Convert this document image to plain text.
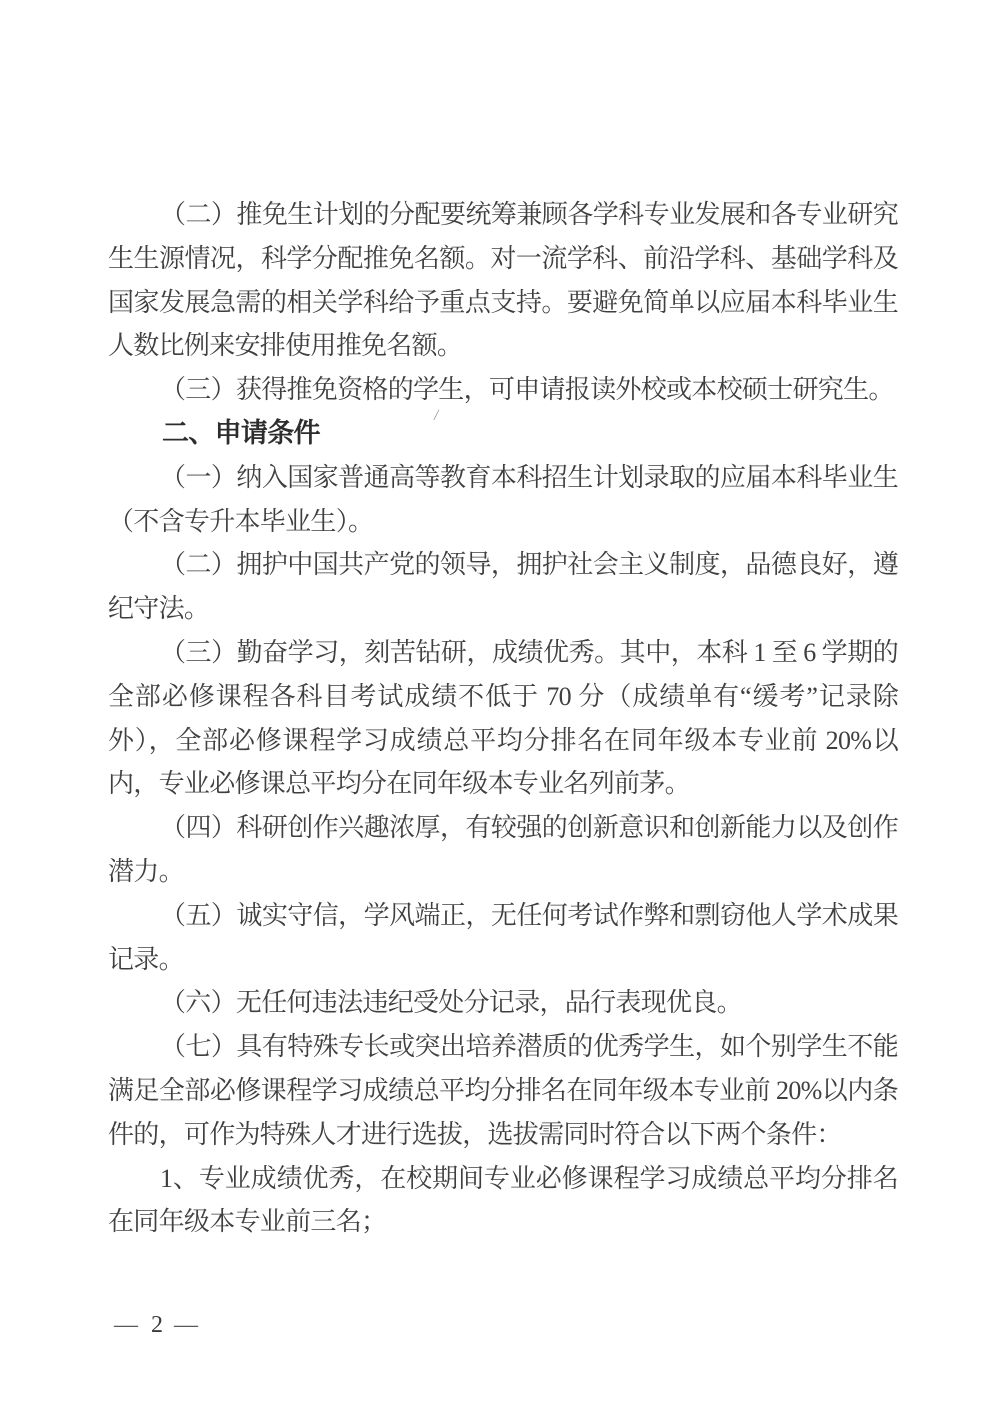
（二）推免生计划的分配要统筹兼顾各学科专业发展和各专业研究生生源情况，科学分配推免名额。对一流学科、前沿学科、基础学科及国家发展急需的相关学科给予重点支持。要避免简单以应届本科毕业生人数比例来安排使用推免名额。

（三）获得推免资格的学生，可申请报读外校或本校硕士研究生。

二、申请条件

（一）纳入国家普通高等教育本科招生计划录取的应届本科毕业生（不含专升本毕业生）。

（二）拥护中国共产党的领导，拥护社会主义制度，品德良好，遵纪守法。

（三）勤奋学习，刻苦钻研，成绩优秀。其中，本科 1 至 6 学期的全部必修课程各科目考试成绩不低于 70 分（成绩单有“缓考”记录除外），全部必修课程学习成绩总平均分排名在同年级本专业前 20%以内，专业必修课总平均分在同年级本专业名列前茅。

（四）科研创作兴趣浓厚，有较强的创新意识和创新能力以及创作潜力。

（五）诚实守信，学风端正，无任何考试作弊和剽窃他人学术成果记录。

（六）无任何违法违纪受处分记录，品行表现优良。

（七）具有特殊专长或突出培养潜质的优秀学生，如个别学生不能满足全部必修课程学习成绩总平均分排名在同年级本专业前 20%以内条件的，可作为特殊人才进行选拔，选拔需同时符合以下两个条件：

1、专业成绩优秀，在校期间专业必修课程学习成绩总平均分排名在同年级本专业前三名；

/
— 2 —
